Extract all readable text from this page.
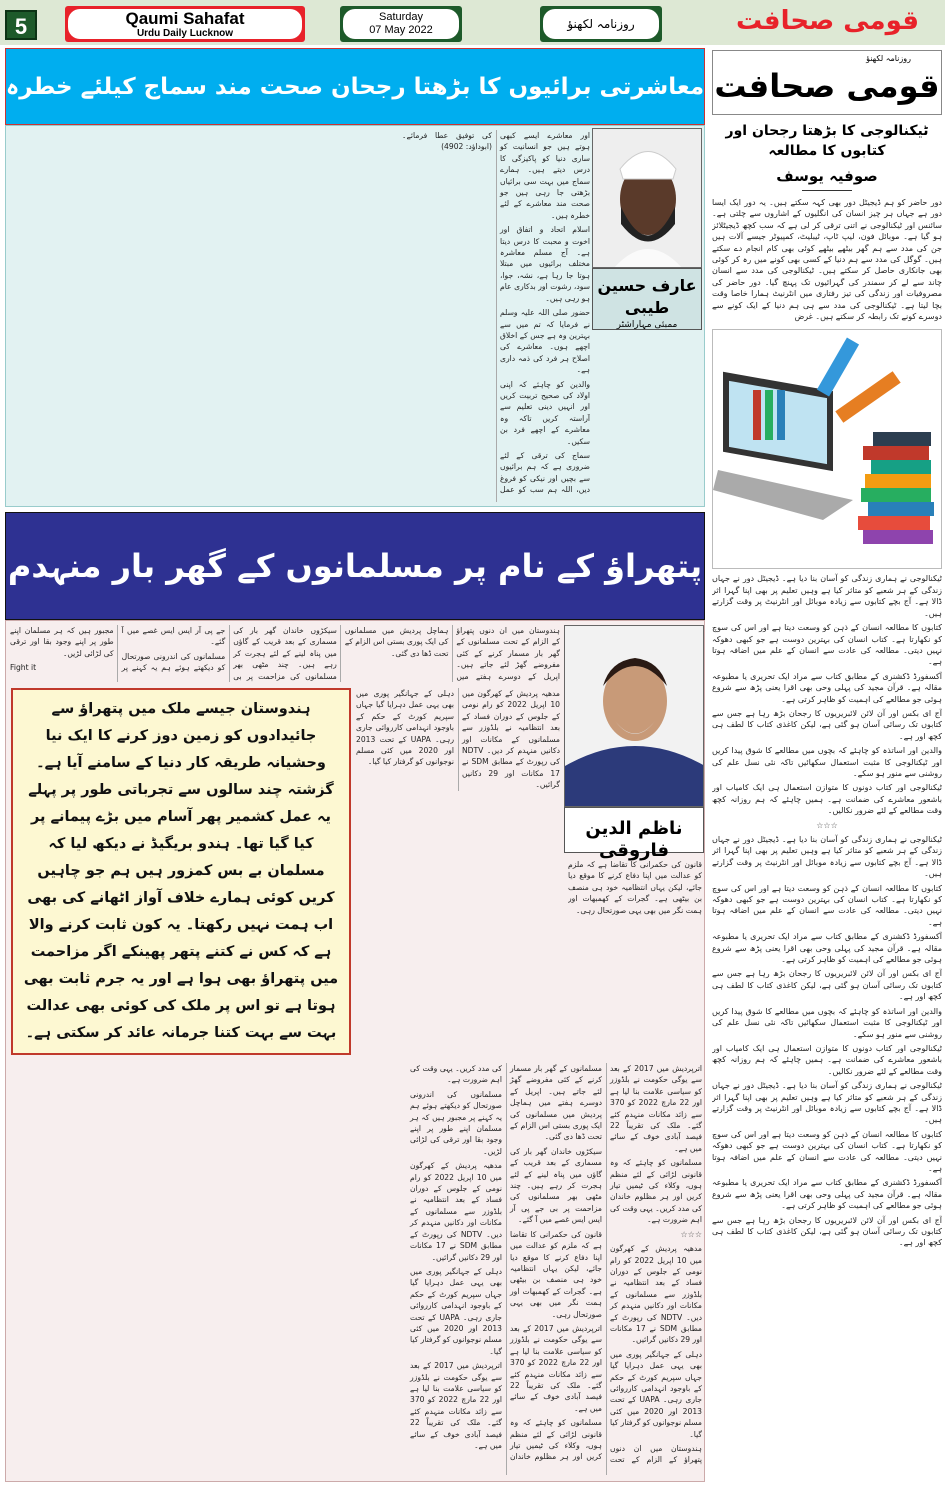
5	Qaumi Sahafat
Urdu Daily Lucknow
Saturday
07 May 2022	روزنامہ لکھنؤ	قومی صحافت
معاشرتی برائیوں کا بڑھتا رجحان صحت مند سماج کیلئے خطرہ

اور معاشرے ایسے کبھی ہوتے ہیں جو انسانیت کو ساری دنیا کو پاکیزگی کا درس دیتے ہیں۔ ہمارے سماج میں بہت سی برائیاں بڑھتی جا رہی ہیں جو صحت مند معاشرے کے لئے خطرہ ہیں۔

اسلام اتحاد و اتفاق اور اخوت و محبت کا درس دیتا ہے۔ آج مسلم معاشرہ مختلف برائیوں میں مبتلا ہوتا جا رہا ہے، نشہ، جوا، سود، رشوت اور بدکاری عام ہو رہی ہیں۔

حضور صلی اللہ علیہ وسلم نے فرمایا کہ تم میں سے بہترین وہ ہے جس کے اخلاق اچھے ہوں۔ معاشرے کی اصلاح ہر فرد کی ذمہ داری ہے۔

والدین کو چاہئے کہ اپنی اولاد کی صحیح تربیت کریں اور انہیں دینی تعلیم سے آراستہ کریں تاکہ وہ معاشرے کے اچھے فرد بن سکیں۔

سماج کی ترقی کے لئے ضروری ہے کہ ہم برائیوں سے بچیں اور نیکی کو فروغ دیں، اللہ ہم سب کو عمل کی توفیق عطا فرمائے۔ (ابوداؤد: 4902)

عارف حسین طیبی
ممبئی مہاراشٹر
پتھراؤ کے نام پر مسلمانوں کے گھر بار منہدم

ہندوستان میں ان دنوں پتھراؤ کے الزام کے تحت مسلمانوں کے گھر بار مسمار کرنے کے کئی مفروضے گھڑ لئے جاتے ہیں۔ اپریل کے دوسرے ہفتے میں ہماچل پردیش میں مسلمانوں کی ایک پوری بستی اس الزام کے تحت ڈھا دی گئی۔

سیکڑوں خاندان گھر بار کی مسماری کے بعد قریب کے گاؤں میں پناہ لینے کے لئے ہجرت کر رہے ہیں۔ چند مٹھی بھر مسلمانوں کی مزاحمت پر بی جے پی آر ایس ایس غصے میں آ گئے۔

مسلمانوں کی اندرونی صورتحال کو دیکھتے ہوئے ہم یہ کہنے پر مجبور ہیں کہ ہر مسلمان اپنے طور پر اپنے وجود بقا اور ترقی کی لڑائی لڑیں۔

Fight it

ہندوستان جیسے ملک میں پتھراؤ سے جائیدادوں کو زمین دوز کرنے کا ایک نیا وحشیانہ طریقہ کار دنیا کے سامنے آیا ہے۔ گزشتہ چند سالوں سے تجرباتی طور پر پہلے یہ عمل کشمیر پھر آسام میں بڑے پیمانے پر کیا گیا تھا۔ ہندو بریگیڈ نے دیکھ لیا کہ مسلمان بے بس کمزور ہیں ہم جو چاہیں کریں کوئی ہمارے خلاف آواز اٹھانے کی بھی اب ہمت نہیں رکھتا۔ یہ کون ثابت کرنے والا ہے کہ کس نے کتنے پتھر پھینکے اگر مزاحمت میں پتھراؤ بھی ہوا ہے اور یہ جرم ثابت بھی ہوتا ہے تو اس پر ملک کی کوئی بھی عدالت بہت سے بہت کتنا جرمانہ عائد کر سکتی ہے۔

مدھیہ پردیش کے کھرگون میں 10 اپریل 2022 کو رام نومی کے جلوس کے دوران فساد کے بعد انتظامیہ نے بلڈوزر سے مسلمانوں کے مکانات اور دکانیں منہدم کر دیں۔ NDTV کی رپورٹ کے مطابق SDM نے 17 مکانات اور 29 دکانیں گرائیں۔

دہلی کے جہانگیر پوری میں بھی یہی عمل دہرایا گیا جہاں سپریم کورٹ کے حکم کے باوجود انہدامی کارروائی جاری رہی۔ UAPA کے تحت 2013 اور 2020 میں کئی مسلم نوجوانوں کو گرفتار کیا گیا۔

ناظم الدین فاروقی

قانون کی حکمرانی کا تقاضا ہے کہ ملزم کو عدالت میں اپنا دفاع کرنے کا موقع دیا جائے، لیکن یہاں انتظامیہ خود ہی منصف بن بیٹھی ہے۔ گجرات کے کھمبھات اور ہمت نگر میں بھی یہی صورتحال رہی۔

اترپردیش میں 2017 کے بعد سے یوگی حکومت نے بلڈوزر کو سیاسی علامت بنا لیا ہے اور 22 مارچ 2022 کو 370 سے زائد مکانات منہدم کئے گئے۔ ملک کی تقریباً 22 فیصد آبادی خوف کے سائے میں ہے۔

مسلمانوں کو چاہئے کہ وہ قانونی لڑائی کے لئے منظم ہوں، وکلاء کی ٹیمیں تیار کریں اور ہر مظلوم خاندان کی مدد کریں۔ یہی وقت کی اہم ضرورت ہے۔

☆☆☆

مدھیہ پردیش کے کھرگون میں 10 اپریل 2022 کو رام نومی کے جلوس کے دوران فساد کے بعد انتظامیہ نے بلڈوزر سے مسلمانوں کے مکانات اور دکانیں منہدم کر دیں۔ NDTV کی رپورٹ کے مطابق SDM نے 17 مکانات اور 29 دکانیں گرائیں۔

دہلی کے جہانگیر پوری میں بھی یہی عمل دہرایا گیا جہاں سپریم کورٹ کے حکم کے باوجود انہدامی کارروائی جاری رہی۔ UAPA کے تحت 2013 اور 2020 میں کئی مسلم نوجوانوں کو گرفتار کیا گیا۔

ہندوستان میں ان دنوں پتھراؤ کے الزام کے تحت مسلمانوں کے گھر بار مسمار کرنے کے کئی مفروضے گھڑ لئے جاتے ہیں۔ اپریل کے دوسرے ہفتے میں ہماچل پردیش میں مسلمانوں کی ایک پوری بستی اس الزام کے تحت ڈھا دی گئی۔

سیکڑوں خاندان گھر بار کی مسماری کے بعد قریب کے گاؤں میں پناہ لینے کے لئے ہجرت کر رہے ہیں۔ چند مٹھی بھر مسلمانوں کی مزاحمت پر بی جے پی آر ایس ایس غصے میں آ گئے۔

قانون کی حکمرانی کا تقاضا ہے کہ ملزم کو عدالت میں اپنا دفاع کرنے کا موقع دیا جائے، لیکن یہاں انتظامیہ خود ہی منصف بن بیٹھی ہے۔ گجرات کے کھمبھات اور ہمت نگر میں بھی یہی صورتحال رہی۔

اترپردیش میں 2017 کے بعد سے یوگی حکومت نے بلڈوزر کو سیاسی علامت بنا لیا ہے اور 22 مارچ 2022 کو 370 سے زائد مکانات منہدم کئے گئے۔ ملک کی تقریباً 22 فیصد آبادی خوف کے سائے میں ہے۔

مسلمانوں کو چاہئے کہ وہ قانونی لڑائی کے لئے منظم ہوں، وکلاء کی ٹیمیں تیار کریں اور ہر مظلوم خاندان کی مدد کریں۔ یہی وقت کی اہم ضرورت ہے۔

مسلمانوں کی اندرونی صورتحال کو دیکھتے ہوئے ہم یہ کہنے پر مجبور ہیں کہ ہر مسلمان اپنے طور پر اپنے وجود بقا اور ترقی کی لڑائی لڑیں۔

مدھیہ پردیش کے کھرگون میں 10 اپریل 2022 کو رام نومی کے جلوس کے دوران فساد کے بعد انتظامیہ نے بلڈوزر سے مسلمانوں کے مکانات اور دکانیں منہدم کر دیں۔ NDTV کی رپورٹ کے مطابق SDM نے 17 مکانات اور 29 دکانیں گرائیں۔

دہلی کے جہانگیر پوری میں بھی یہی عمل دہرایا گیا جہاں سپریم کورٹ کے حکم کے باوجود انہدامی کارروائی جاری رہی۔ UAPA کے تحت 2013 اور 2020 میں کئی مسلم نوجوانوں کو گرفتار کیا گیا۔

اترپردیش میں 2017 کے بعد سے یوگی حکومت نے بلڈوزر کو سیاسی علامت بنا لیا ہے اور 22 مارچ 2022 کو 370 سے زائد مکانات منہدم کئے گئے۔ ملک کی تقریباً 22 فیصد آبادی خوف کے سائے میں ہے۔

روزنامہ لکھنؤ
قومی صحافت
ٹیکنالوجی کا بڑھتا رجحان اور کتابوں کا مطالعہ
صوفیہ یوسف

دور حاضر کو ہم ڈیجیٹل دور بھی کہہ سکتے ہیں۔ یہ دور ایک ایسا دور ہے جہاں ہر چیز انسان کی انگلیوں کے اشاروں سے چلتی ہے۔ سائنس اور ٹیکنالوجی نے اتنی ترقی کر لی ہے کہ سب کچھ ڈیجیٹلائز ہو گیا ہے۔ موبائل فون، لیپ ٹاپ، ٹیبلیٹ، کمپیوٹر جیسے آلات ہیں جن کی مدد سے ہم گھر بیٹھے بیٹھے کوئی بھی کام انجام دے سکتے ہیں۔ گوگل کی مدد سے ہم دنیا کے کسی بھی کونے میں رہ کر کوئی بھی جانکاری حاصل کر سکتے ہیں۔ ٹیکنالوجی کی مدد سے انسان چاند سے لے کر سمندر کی گہرائیوں تک پہنچ گیا۔ دور حاضر کی مصروفیات اور زندگی کی تیز رفتاری میں انٹرنیٹ ہمارا خاصا وقت بچا لیتا ہے۔ ٹیکنالوجی کی مدد سے ہی ہم دنیا کے ایک کونے سے دوسرے کونے تک رابطہ کر سکتے ہیں۔ غرض

ٹیکنالوجی نے ہماری زندگی کو آسان بنا دیا ہے۔ ڈیجیٹل دور نے جہاں زندگی کے ہر شعبے کو متاثر کیا ہے وہیں تعلیم پر بھی اپنا گہرا اثر ڈالا ہے۔ آج بچے کتابوں سے زیادہ موبائل اور انٹرنیٹ پر وقت گزارتے ہیں۔

کتابوں کا مطالعہ انسان کے ذہن کو وسعت دیتا ہے اور اس کی سوچ کو نکھارتا ہے۔ کتاب انسان کی بہترین دوست ہے جو کبھی دھوکہ نہیں دیتی۔ مطالعہ کی عادت سے انسان کے علم میں اضافہ ہوتا ہے۔

آکسفورڈ ڈکشنری کے مطابق کتاب سے مراد ایک تحریری یا مطبوعہ مقالہ ہے۔ قرآن مجید کی پہلی وحی بھی اقرا یعنی پڑھ سے شروع ہوئی جو مطالعے کی اہمیت کو ظاہر کرتی ہے۔

آج ای بکس اور آن لائن لائبریریوں کا رجحان بڑھ رہا ہے جس سے کتابوں تک رسائی آسان ہو گئی ہے، لیکن کاغذی کتاب کا لطف ہی کچھ اور ہے۔

والدین اور اساتذہ کو چاہئے کہ بچوں میں مطالعے کا شوق پیدا کریں اور ٹیکنالوجی کا مثبت استعمال سکھائیں تاکہ نئی نسل علم کی روشنی سے منور ہو سکے۔

ٹیکنالوجی اور کتاب دونوں کا متوازن استعمال ہی ایک کامیاب اور باشعور معاشرے کی ضمانت ہے۔ ہمیں چاہئے کہ ہم روزانہ کچھ وقت مطالعے کے لئے ضرور نکالیں۔

☆☆☆

ٹیکنالوجی نے ہماری زندگی کو آسان بنا دیا ہے۔ ڈیجیٹل دور نے جہاں زندگی کے ہر شعبے کو متاثر کیا ہے وہیں تعلیم پر بھی اپنا گہرا اثر ڈالا ہے۔ آج بچے کتابوں سے زیادہ موبائل اور انٹرنیٹ پر وقت گزارتے ہیں۔

کتابوں کا مطالعہ انسان کے ذہن کو وسعت دیتا ہے اور اس کی سوچ کو نکھارتا ہے۔ کتاب انسان کی بہترین دوست ہے جو کبھی دھوکہ نہیں دیتی۔ مطالعہ کی عادت سے انسان کے علم میں اضافہ ہوتا ہے۔

آکسفورڈ ڈکشنری کے مطابق کتاب سے مراد ایک تحریری یا مطبوعہ مقالہ ہے۔ قرآن مجید کی پہلی وحی بھی اقرا یعنی پڑھ سے شروع ہوئی جو مطالعے کی اہمیت کو ظاہر کرتی ہے۔

آج ای بکس اور آن لائن لائبریریوں کا رجحان بڑھ رہا ہے جس سے کتابوں تک رسائی آسان ہو گئی ہے، لیکن کاغذی کتاب کا لطف ہی کچھ اور ہے۔

والدین اور اساتذہ کو چاہئے کہ بچوں میں مطالعے کا شوق پیدا کریں اور ٹیکنالوجی کا مثبت استعمال سکھائیں تاکہ نئی نسل علم کی روشنی سے منور ہو سکے۔

ٹیکنالوجی اور کتاب دونوں کا متوازن استعمال ہی ایک کامیاب اور باشعور معاشرے کی ضمانت ہے۔ ہمیں چاہئے کہ ہم روزانہ کچھ وقت مطالعے کے لئے ضرور نکالیں۔

ٹیکنالوجی نے ہماری زندگی کو آسان بنا دیا ہے۔ ڈیجیٹل دور نے جہاں زندگی کے ہر شعبے کو متاثر کیا ہے وہیں تعلیم پر بھی اپنا گہرا اثر ڈالا ہے۔ آج بچے کتابوں سے زیادہ موبائل اور انٹرنیٹ پر وقت گزارتے ہیں۔

کتابوں کا مطالعہ انسان کے ذہن کو وسعت دیتا ہے اور اس کی سوچ کو نکھارتا ہے۔ کتاب انسان کی بہترین دوست ہے جو کبھی دھوکہ نہیں دیتی۔ مطالعہ کی عادت سے انسان کے علم میں اضافہ ہوتا ہے۔

آکسفورڈ ڈکشنری کے مطابق کتاب سے مراد ایک تحریری یا مطبوعہ مقالہ ہے۔ قرآن مجید کی پہلی وحی بھی اقرا یعنی پڑھ سے شروع ہوئی جو مطالعے کی اہمیت کو ظاہر کرتی ہے۔

آج ای بکس اور آن لائن لائبریریوں کا رجحان بڑھ رہا ہے جس سے کتابوں تک رسائی آسان ہو گئی ہے، لیکن کاغذی کتاب کا لطف ہی کچھ اور ہے۔
